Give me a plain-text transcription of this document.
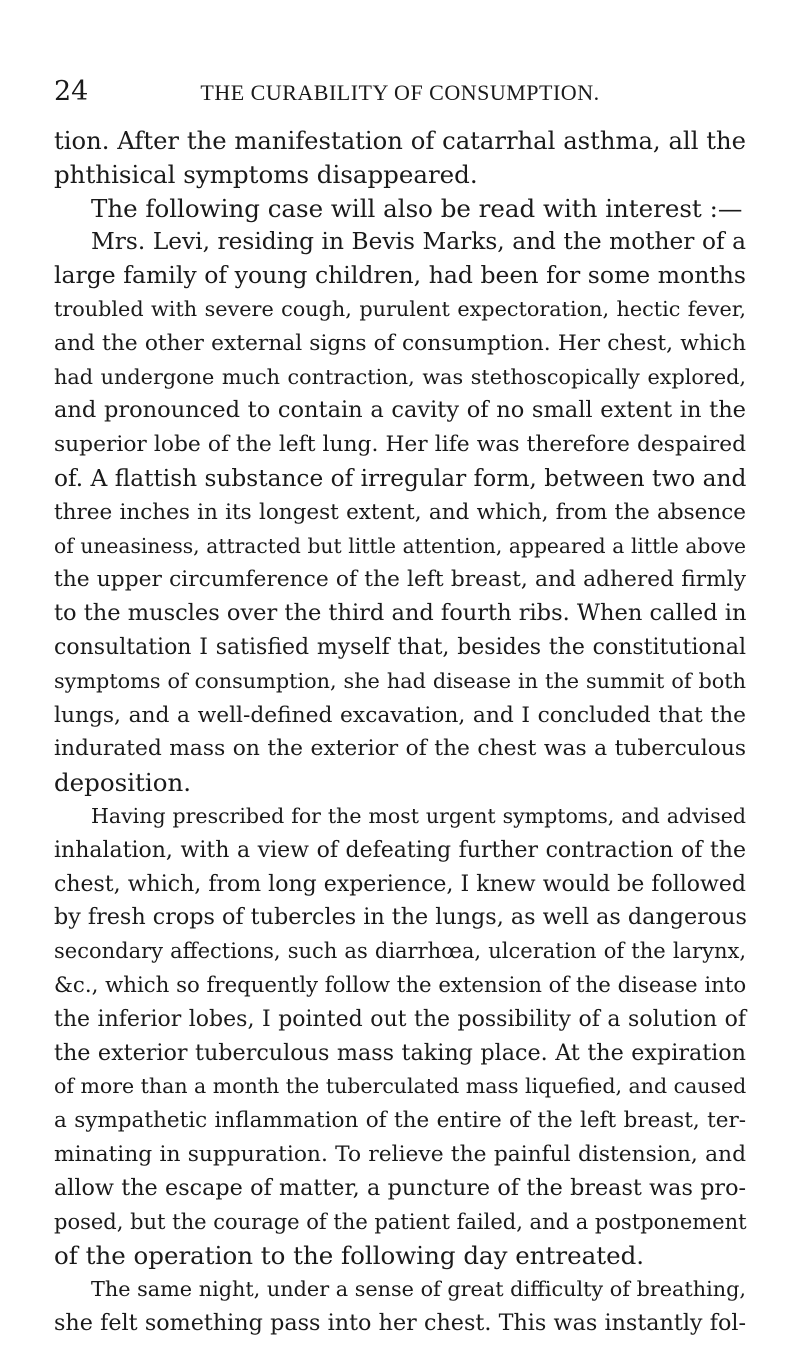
24	THE CURABILITY OF CONSUMPTION.
tion. After the manifestation of catarrhal asthma, all the
phthisical symptoms disappeared.
The following case will also be read with interest :—
Mrs. Levi, residing in Bevis Marks, and the mother of a
large family of young children, had been for some months
troubled with severe cough, purulent expectoration, hectic fever,
and the other external signs of consumption. Her chest, which
had undergone much contraction, was stethoscopically explored,
and pronounced to contain a cavity of no small extent in the
superior lobe of the left lung. Her life was therefore despaired
of. A flattish substance of irregular form, between two and
three inches in its longest extent, and which, from the absence
of uneasiness, attracted but little attention, appeared a little above
the upper circumference of the left breast, and adhered firmly
to the muscles over the third and fourth ribs. When called in
consultation I satisfied myself that, besides the constitutional
symptoms of consumption, she had disease in the summit of both
lungs, and a well-defined excavation, and I concluded that the
indurated mass on the exterior of the chest was a tuberculous
deposition.
Having prescribed for the most urgent symptoms, and advised
inhalation, with a view of defeating further contraction of the
chest, which, from long experience, I knew would be followed
by fresh crops of tubercles in the lungs, as well as dangerous
secondary affections, such as diarrhœa, ulceration of the larynx,
&c., which so frequently follow the extension of the disease into
the inferior lobes, I pointed out the possibility of a solution of
the exterior tuberculous mass taking place. At the expiration
of more than a month the tuberculated mass liquefied, and caused
a sympathetic inflammation of the entire of the left breast, ter-
minating in suppuration. To relieve the painful distension, and
allow the escape of matter, a puncture of the breast was pro-
posed, but the courage of the patient failed, and a postponement
of the operation to the following day entreated.
The same night, under a sense of great difficulty of breathing,
she felt something pass into her chest. This was instantly fol-
